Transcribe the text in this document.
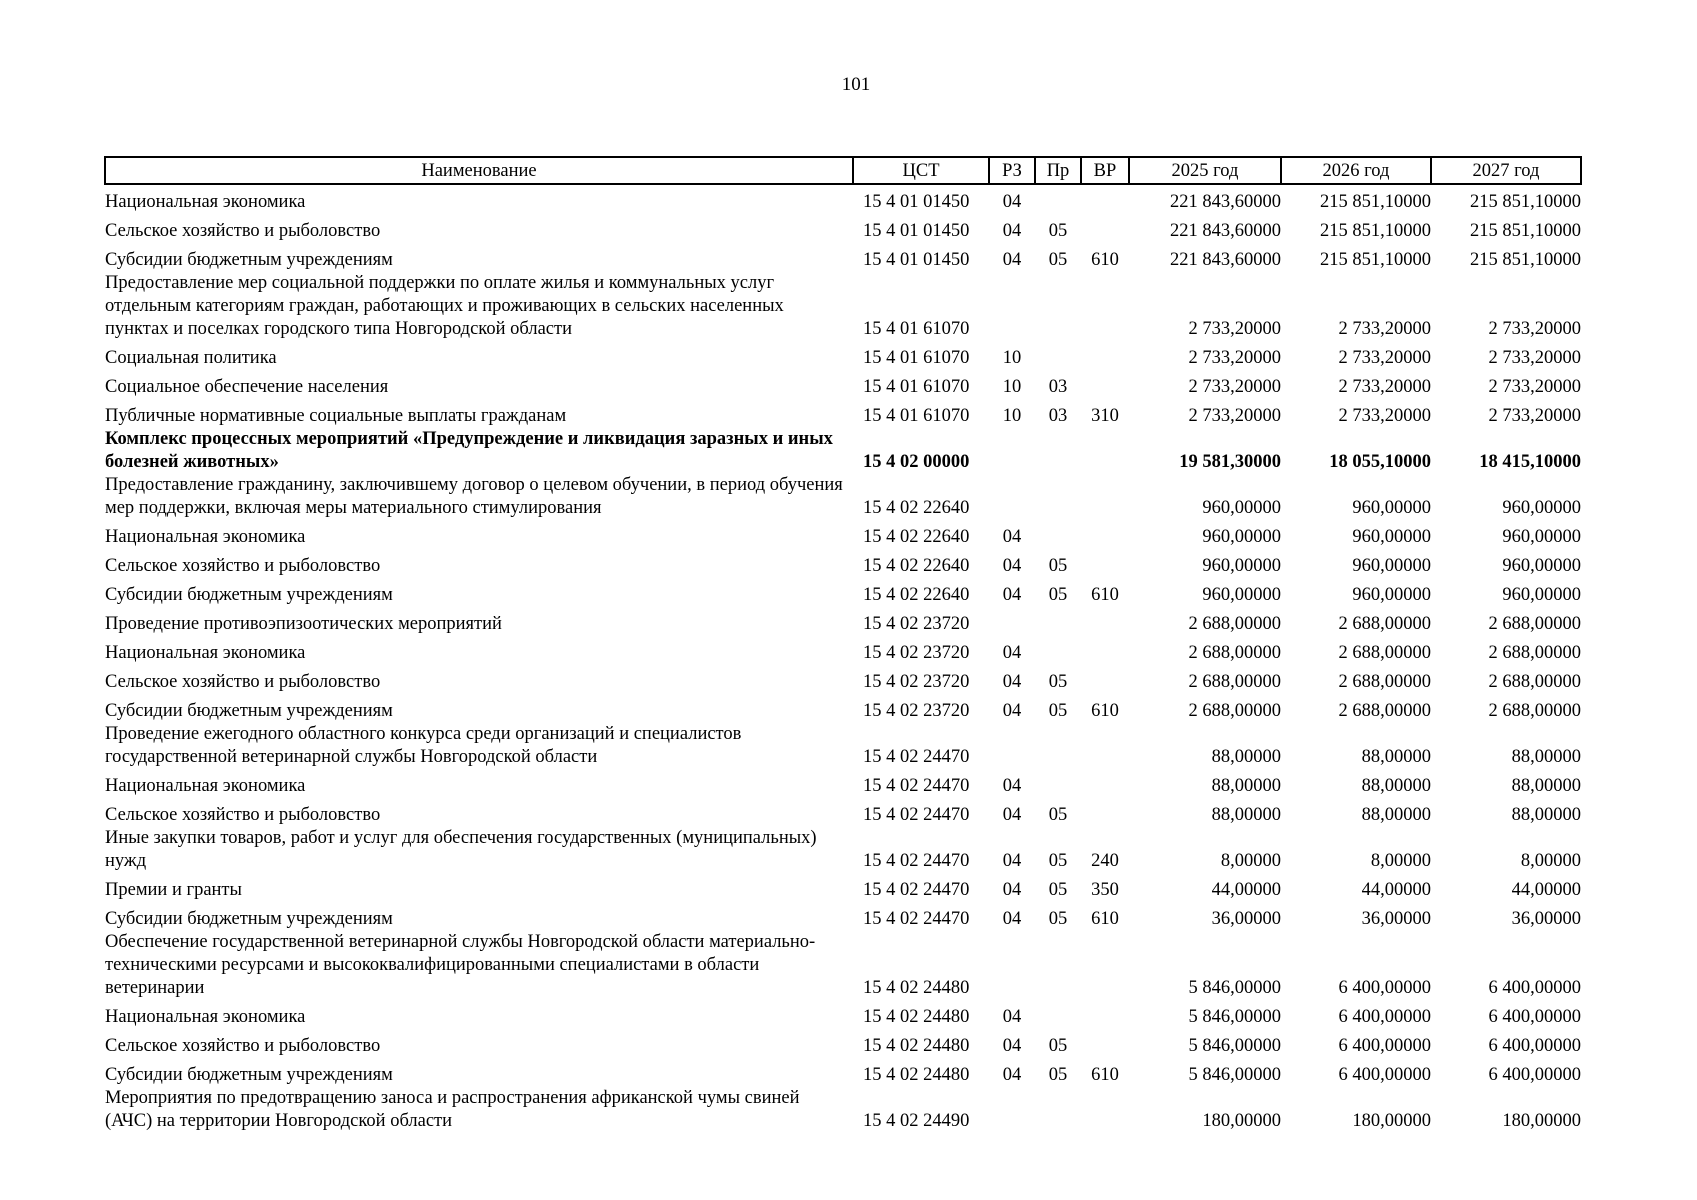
101
Наименование	ЦСТ	РЗ	Пр	ВР	2025 год	2026 год	2027 год
Национальная экономика	15 4 01 01450	04			221 843,60000	215 851,10000	215 851,10000
Сельское хозяйство и рыболовство	15 4 01 01450	04	05		221 843,60000	215 851,10000	215 851,10000
Субсидии бюджетным учреждениям	15 4 01 01450	04	05	610	221 843,60000	215 851,10000	215 851,10000
Предоставление мер социальной поддержки по оплате жилья и коммунальных услуг отдельным категориям граждан, работающих и проживающих в сельских населенных пунктах и поселках городского типа Новгородской области	15 4 01 61070				2 733,20000	2 733,20000	2 733,20000
Социальная политика	15 4 01 61070	10			2 733,20000	2 733,20000	2 733,20000
Социальное обеспечение населения	15 4 01 61070	10	03		2 733,20000	2 733,20000	2 733,20000
Публичные нормативные социальные выплаты гражданам	15 4 01 61070	10	03	310	2 733,20000	2 733,20000	2 733,20000
Комплекс процессных мероприятий «Предупреждение и ликвидация заразных и иных болезней животных»	15 4 02 00000				19 581,30000	18 055,10000	18 415,10000
Предоставление гражданину, заключившему договор о целевом обучении, в период обучения мер поддержки, включая меры материального стимулирования	15 4 02 22640				960,00000	960,00000	960,00000
Национальная экономика	15 4 02 22640	04			960,00000	960,00000	960,00000
Сельское хозяйство и рыболовство	15 4 02 22640	04	05		960,00000	960,00000	960,00000
Субсидии бюджетным учреждениям	15 4 02 22640	04	05	610	960,00000	960,00000	960,00000
Проведение противоэпизоотических мероприятий	15 4 02 23720				2 688,00000	2 688,00000	2 688,00000
Национальная экономика	15 4 02 23720	04			2 688,00000	2 688,00000	2 688,00000
Сельское хозяйство и рыболовство	15 4 02 23720	04	05		2 688,00000	2 688,00000	2 688,00000
Субсидии бюджетным учреждениям	15 4 02 23720	04	05	610	2 688,00000	2 688,00000	2 688,00000
Проведение ежегодного областного конкурса среди организаций и специалистов государственной ветеринарной службы Новгородской области	15 4 02 24470				88,00000	88,00000	88,00000
Национальная экономика	15 4 02 24470	04			88,00000	88,00000	88,00000
Сельское хозяйство и рыболовство	15 4 02 24470	04	05		88,00000	88,00000	88,00000
Иные закупки товаров, работ и услуг для обеспечения государственных (муниципальных) нужд	15 4 02 24470	04	05	240	8,00000	8,00000	8,00000
Премии и гранты	15 4 02 24470	04	05	350	44,00000	44,00000	44,00000
Субсидии бюджетным учреждениям	15 4 02 24470	04	05	610	36,00000	36,00000	36,00000
Обеспечение государственной ветеринарной службы Новгородской области материально-техническими ресурсами и высококвалифицированными специалистами в области ветеринарии	15 4 02 24480				5 846,00000	6 400,00000	6 400,00000
Национальная экономика	15 4 02 24480	04			5 846,00000	6 400,00000	6 400,00000
Сельское хозяйство и рыболовство	15 4 02 24480	04	05		5 846,00000	6 400,00000	6 400,00000
Субсидии бюджетным учреждениям	15 4 02 24480	04	05	610	5 846,00000	6 400,00000	6 400,00000
Мероприятия по предотвращению заноса и распространения африканской чумы свиней (АЧС) на территории Новгородской области	15 4 02 24490				180,00000	180,00000	180,00000
